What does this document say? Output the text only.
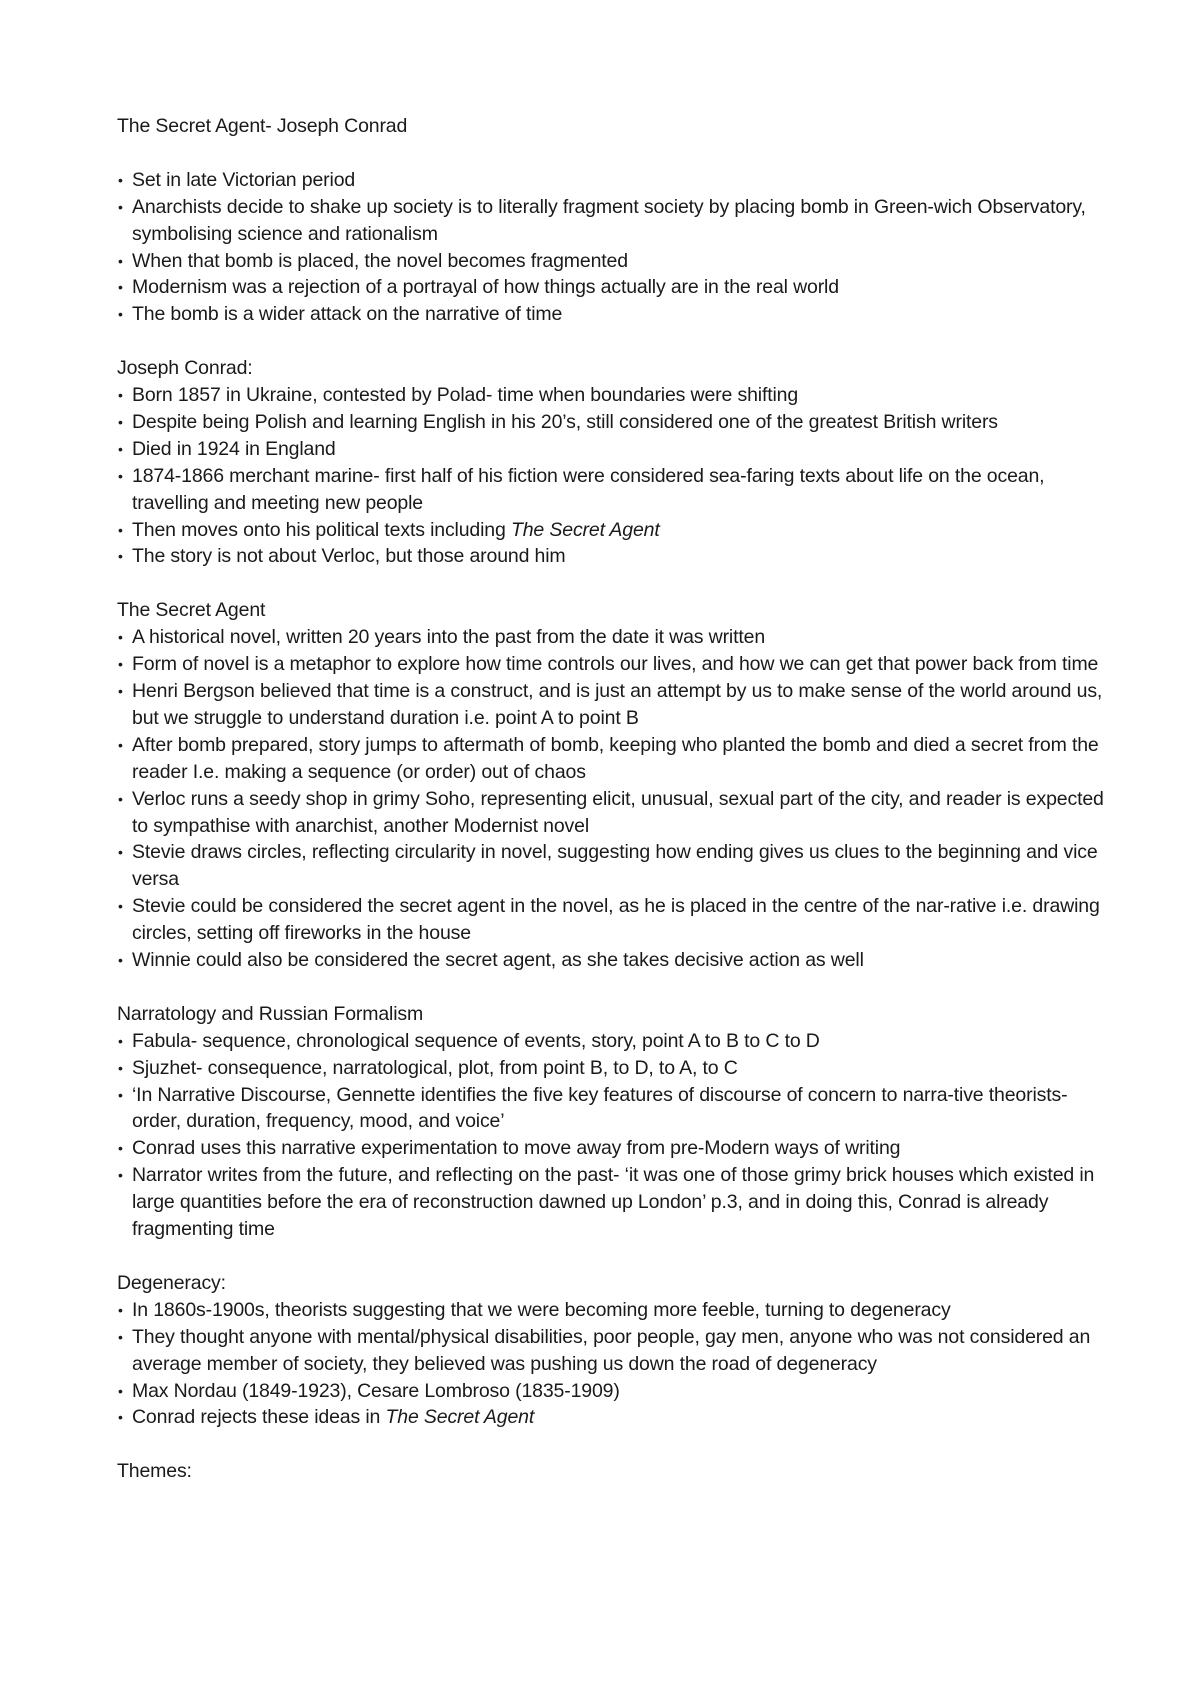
The Secret Agent- Joseph Conrad
• Set in late Victorian period
• Anarchists decide to shake up society is to literally fragment society by placing bomb in Green-wich Observatory, symbolising science and rationalism
• When that bomb is placed, the novel becomes fragmented
• Modernism was a rejection of a portrayal of how things actually are in the real world
• The bomb is a wider attack on the narrative of time

Joseph Conrad:

• Born 1857 in Ukraine, contested by Polad- time when boundaries were shifting
• Despite being Polish and learning English in his 20’s, still considered one of the greatest British writers
• Died in 1924 in England
• 1874-1866 merchant marine- first half of his fiction were considered sea-faring texts about life on the ocean, travelling and meeting new people
• Then moves onto his political texts including The Secret Agent
• The story is not about Verloc, but those around him

The Secret Agent

• A historical novel, written 20 years into the past from the date it was written
• Form of novel is a metaphor to explore how time controls our lives, and how we can get that power back from time
• Henri Bergson believed that time is a construct, and is just an attempt by us to make sense of the world around us, but we struggle to understand duration i.e. point A to point B
• After bomb prepared, story jumps to aftermath of bomb, keeping who planted the bomb and died a secret from the reader I.e. making a sequence (or order) out of chaos
• Verloc runs a seedy shop in grimy Soho, representing elicit, unusual, sexual part of the city, and reader is expected to sympathise with anarchist, another Modernist novel
• Stevie draws circles, reflecting circularity in novel, suggesting how ending gives us clues to the beginning and vice versa
• Stevie could be considered the secret agent in the novel, as he is placed in the centre of the nar-rative i.e. drawing circles, setting off fireworks in the house
• Winnie could also be considered the secret agent, as she takes decisive action as well

Narratology and Russian Formalism

• Fabula- sequence, chronological sequence of events, story, point A to B to C to D
• Sjuzhet- consequence, narratological, plot, from point B, to D, to A, to C
• ‘In Narrative Discourse, Gennette identifies the five key features of discourse of concern to narra-tive theorists- order, duration, frequency, mood, and voice’
• Conrad uses this narrative experimentation to move away from pre-Modern ways of writing
• Narrator writes from the future, and reflecting on the past- ‘it was one of those grimy brick houses which existed in large quantities before the era of reconstruction dawned up London’ p.3, and in doing this, Conrad is already fragmenting time

Degeneracy:

• In 1860s-1900s, theorists suggesting that we were becoming more feeble, turning to degeneracy
• They thought anyone with mental/physical disabilities, poor people, gay men, anyone who was not considered an average member of society, they believed was pushing us down the road of degeneracy
• Max Nordau (1849-1923), Cesare Lombroso (1835-1909)
• Conrad rejects these ideas in The Secret Agent

Themes:
